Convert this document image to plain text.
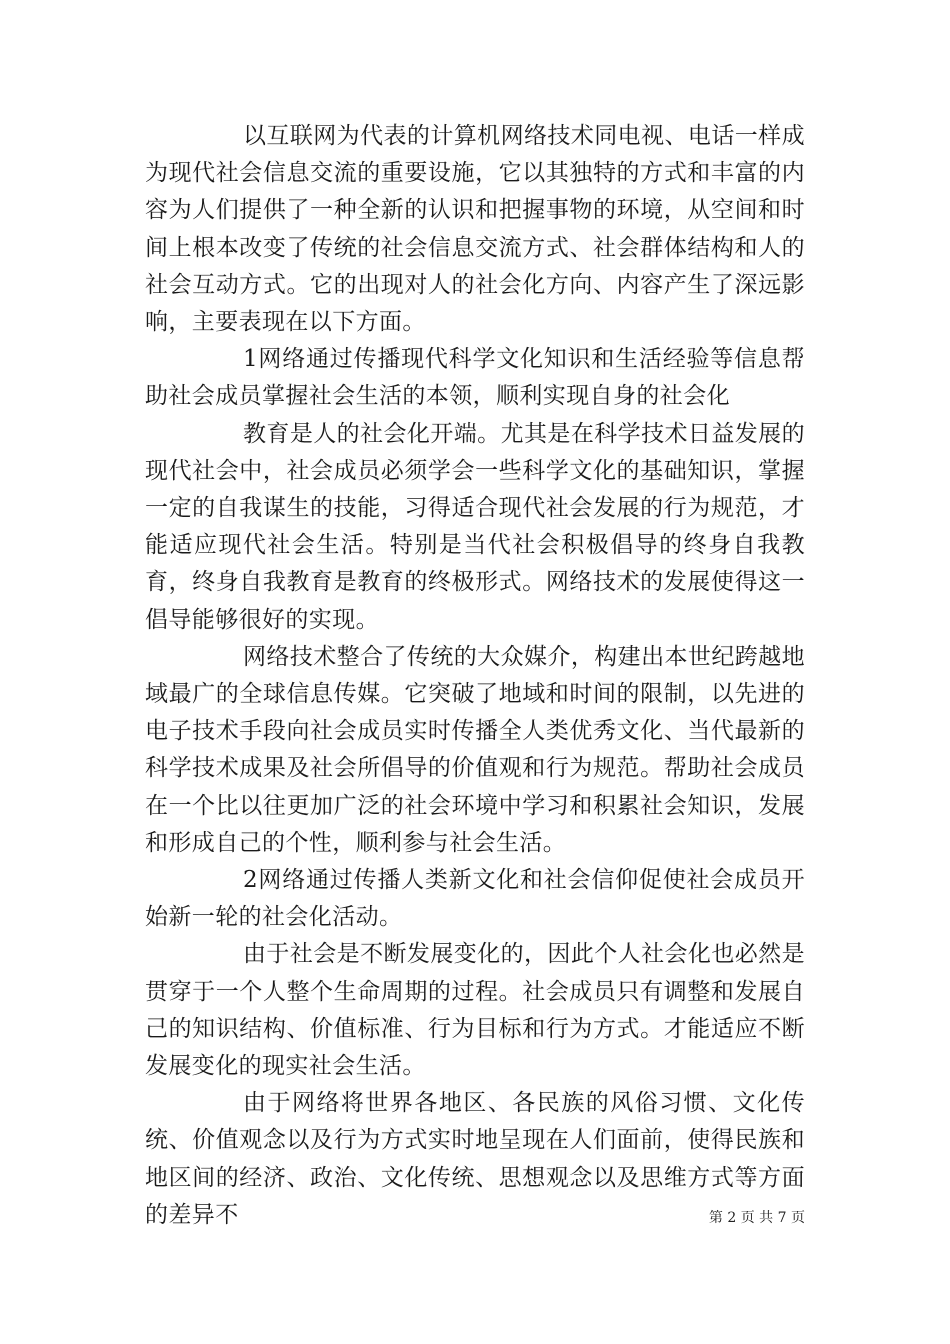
以互联网为代表的计算机网络技术同电视、电话一样成为现代社会信息交流的重要设施，它以其独特的方式和丰富的内容为人们提供了一种全新的认识和把握事物的环境，从空间和时间上根本改变了传统的社会信息交流方式、社会群体结构和人的社会互动方式。它的出现对人的社会化方向、内容产生了深远影响，主要表现在以下方面。

1网络通过传播现代科学文化知识和生活经验等信息帮助社会成员掌握社会生活的本领，顺利实现自身的社会化

教育是人的社会化开端。尤其是在科学技术日益发展的现代社会中，社会成员必须学会一些科学文化的基础知识，掌握一定的自我谋生的技能，习得适合现代社会发展的行为规范，才能适应现代社会生活。特别是当代社会积极倡导的终身自我教育，终身自我教育是教育的终极形式。网络技术的发展使得这一倡导能够很好的实现。

网络技术整合了传统的大众媒介，构建出本世纪跨越地域最广的全球信息传媒。它突破了地域和时间的限制，以先进的电子技术手段向社会成员实时传播全人类优秀文化、当代最新的科学技术成果及社会所倡导的价值观和行为规范。帮助社会成员在一个比以往更加广泛的社会环境中学习和积累社会知识，发展和形成自己的个性，顺利参与社会生活。

2网络通过传播人类新文化和社会信仰促使社会成员开始新一轮的社会化活动。

由于社会是不断发展变化的，因此个人社会化也必然是贯穿于一个人整个生命周期的过程。社会成员只有调整和发展自己的知识结构、价值标准、行为目标和行为方式。才能适应不断发展变化的现实社会生活。

由于网络将世界各地区、各民族的风俗习惯、文化传统、价值观念以及行为方式实时地呈现在人们面前，使得民族和地区间的经济、政治、文化传统、思想观念以及思维方式等方面的差异不	第 2 页 共 7 页
